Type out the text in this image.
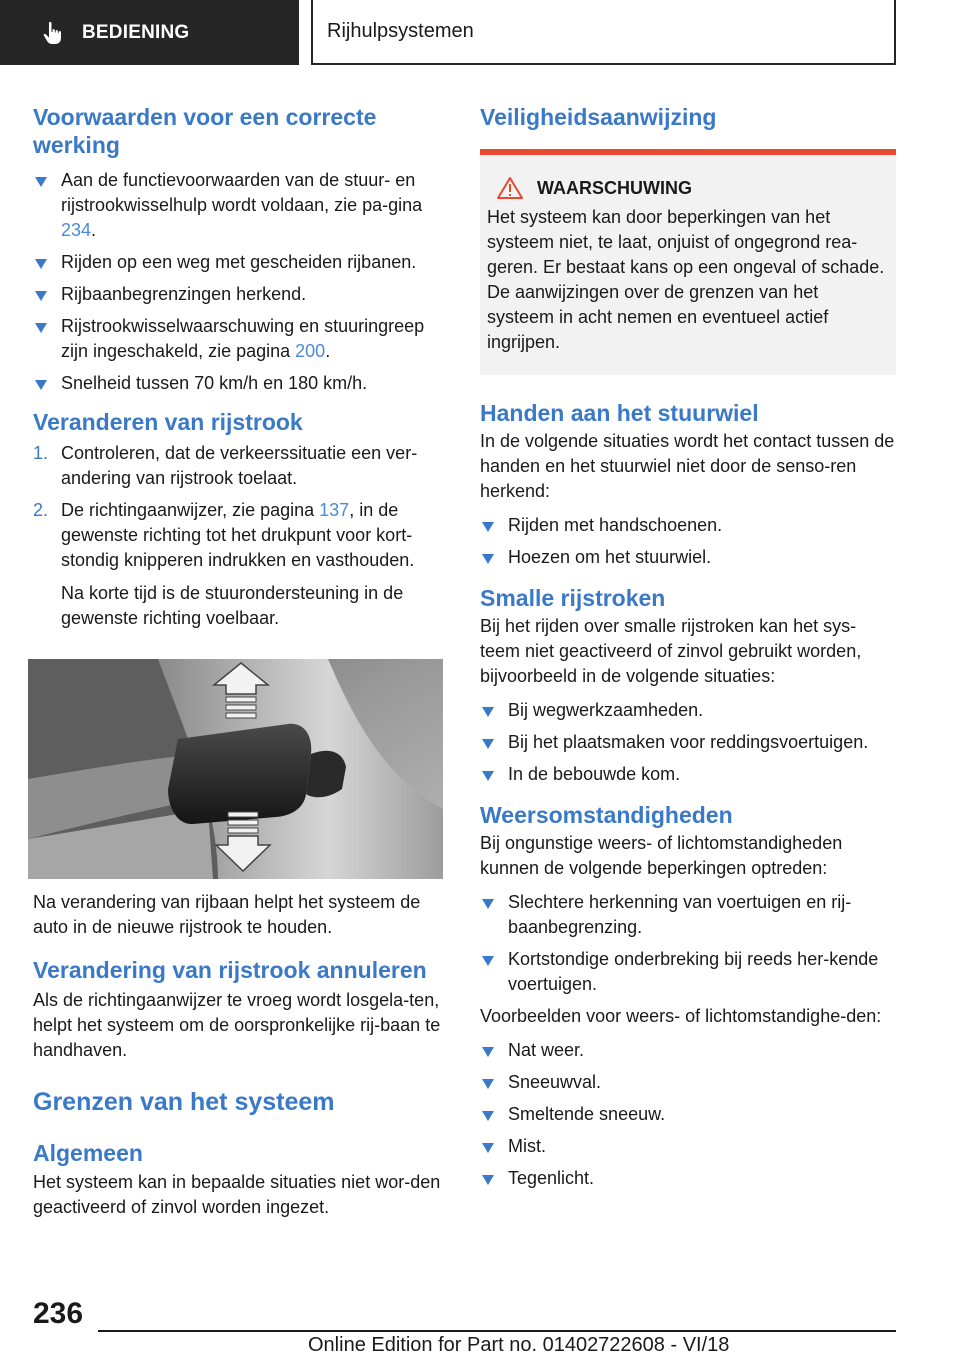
BEDIENING	Rijhulpsystemen
Voorwaarden voor een correcte werking
Aan de functievoorwaarden van de stuur- en rijstrookwisselhulp wordt voldaan, zie pa-gina 234.
Rijden op een weg met gescheiden rijbanen.
Rijbaanbegrenzingen herkend.
Rijstrookwisselwaarschuwing en stuuringreep zijn ingeschakeld, zie pagina 200.
Snelheid tussen 70 km/h en 180 km/h.
Veranderen van rijstrook
1. Controleren, dat de verkeerssituatie een ver-andering van rijstrook toelaat.
2. De richtingaanwijzer, zie pagina 137, in de gewenste richting tot het drukpunt voor kort-stondig knipperen indrukken en vasthouden.

Na korte tijd is de stuurondersteuning in de gewenste richting voelbaar.

Na verandering van rijbaan helpt het systeem de auto in de nieuwe rijstrook te houden.

Verandering van rijstrook annuleren

Als de richtingaanwijzer te vroeg wordt losgela-ten, helpt het systeem om de oorspronkelijke rij-baan te handhaven.

Grenzen van het systeem
Algemeen

Het systeem kan in bepaalde situaties niet wor-den geactiveerd of zinvol worden ingezet.

Veiligheidsaanwijzing
WAARSCHUWING

Het systeem kan door beperkingen van het systeem niet, te laat, onjuist of ongegrond rea-geren. Er bestaat kans op een ongeval of schade. De aanwijzingen over de grenzen van het systeem in acht nemen en eventueel actief ingrijpen.

Handen aan het stuurwiel

In de volgende situaties wordt het contact tussen de handen en het stuurwiel niet door de senso-ren herkend:

Rijden met handschoenen.
Hoezen om het stuurwiel.
Smalle rijstroken

Bij het rijden over smalle rijstroken kan het sys-teem niet geactiveerd of zinvol gebruikt worden, bijvoorbeeld in de volgende situaties:

Bij wegwerkzaamheden.
Bij het plaatsmaken voor reddingsvoertuigen.
In de bebouwde kom.
Weersomstandigheden

Bij ongunstige weers- of lichtomstandigheden kunnen de volgende beperkingen optreden:

Slechtere herkenning van voertuigen en rij-baanbegrenzing.
Kortstondige onderbreking bij reeds her-kende voertuigen.

Voorbeelden voor weers- of lichtomstandighe-den:

Nat weer.
Sneeuwval.
Smeltende sneeuw.
Mist.
Tegenlicht.
236
Online Edition for Part no. 01402722608 - VI/18
